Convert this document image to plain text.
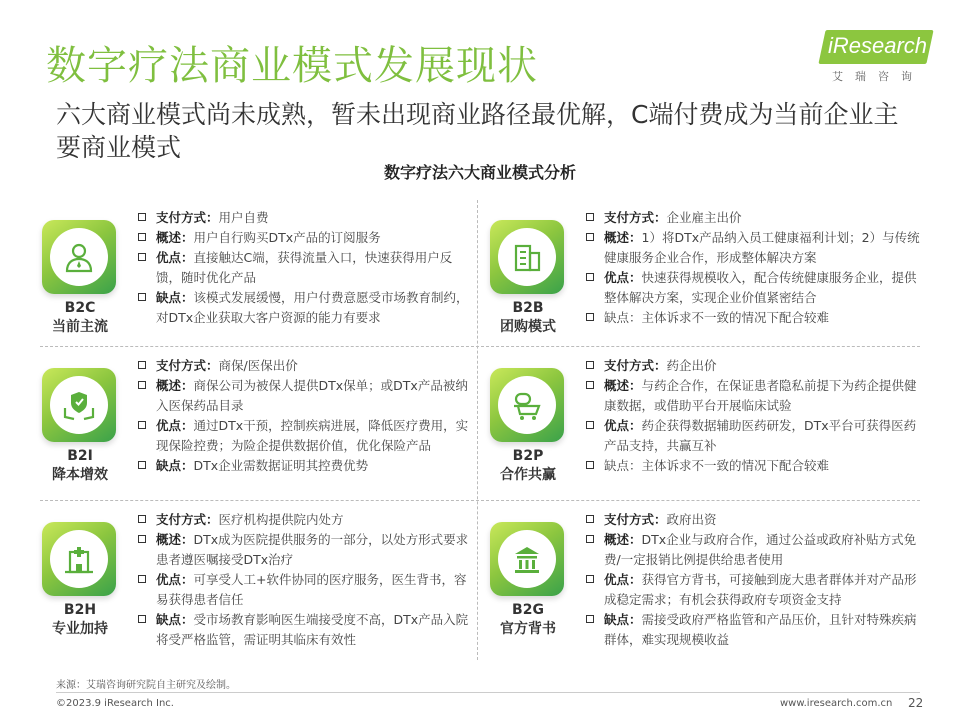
数字疗法商业模式发展现状	iResearch
艾瑞咨询

六大商业模式尚未成熟，暂未出现商业路径最优解，C端付费成为当前企业主要商业模式

数字疗法六大商业模式分析
B2C
当前主流
支付方式：用户自费
概述：用户自行购买DTx产品的订阅服务
优点：直接触达C端，获得流量入口，快速获得用户反馈，随时优化产品
缺点：该模式发展缓慢，用户付费意愿受市场教育制约，对DTx企业获取大客户资源的能力有要求
B2B
团购模式
支付方式：企业雇主出价
概述：1）将DTx产品纳入员工健康福利计划；2）与传统健康服务企业合作，形成整体解决方案
优点：快速获得规模收入，配合传统健康服务企业，提供整体解决方案，实现企业价值紧密结合
缺点：主体诉求不一致的情况下配合较难
B2I
降本增效
支付方式：商保/医保出价
概述：商保公司为被保人提供DTx保单；或DTx产品被纳入医保药品目录
优点：通过DTx干预，控制疾病进展，降低医疗费用，实现保险控费；为险企提供数据价值，优化保险产品
缺点：DTx企业需数据证明其控费优势
B2P
合作共赢
支付方式：药企出价
概述：与药企合作，在保证患者隐私前提下为药企提供健康数据，或借助平台开展临床试验
优点：药企获得数据辅助医药研发，DTx平台可获得医药产品支持，共赢互补
缺点：主体诉求不一致的情况下配合较难
B2H
专业加持
支付方式：医疗机构提供院内处方
概述：DTx成为医院提供服务的一部分，以处方形式要求患者遵医嘱接受DTx治疗
优点：可享受人工+软件协同的医疗服务，医生背书，容易获得患者信任
缺点：受市场教育影响医生端接受度不高，DTx产品入院将受严格监管，需证明其临床有效性
B2G
官方背书
支付方式：政府出资
概述：DTx企业与政府合作，通过公益或政府补贴方式免费/一定报销比例提供给患者使用
优点：获得官方背书，可接触到庞大患者群体并对产品形成稳定需求；有机会获得政府专项资金支持
缺点：需接受政府严格监管和产品压价，且针对特殊疾病群体，难实现规模收益
来源：艾瑞咨询研究院自主研究及绘制。
©2023.9 iResearch Inc.	www.iresearch.com.cn 22
